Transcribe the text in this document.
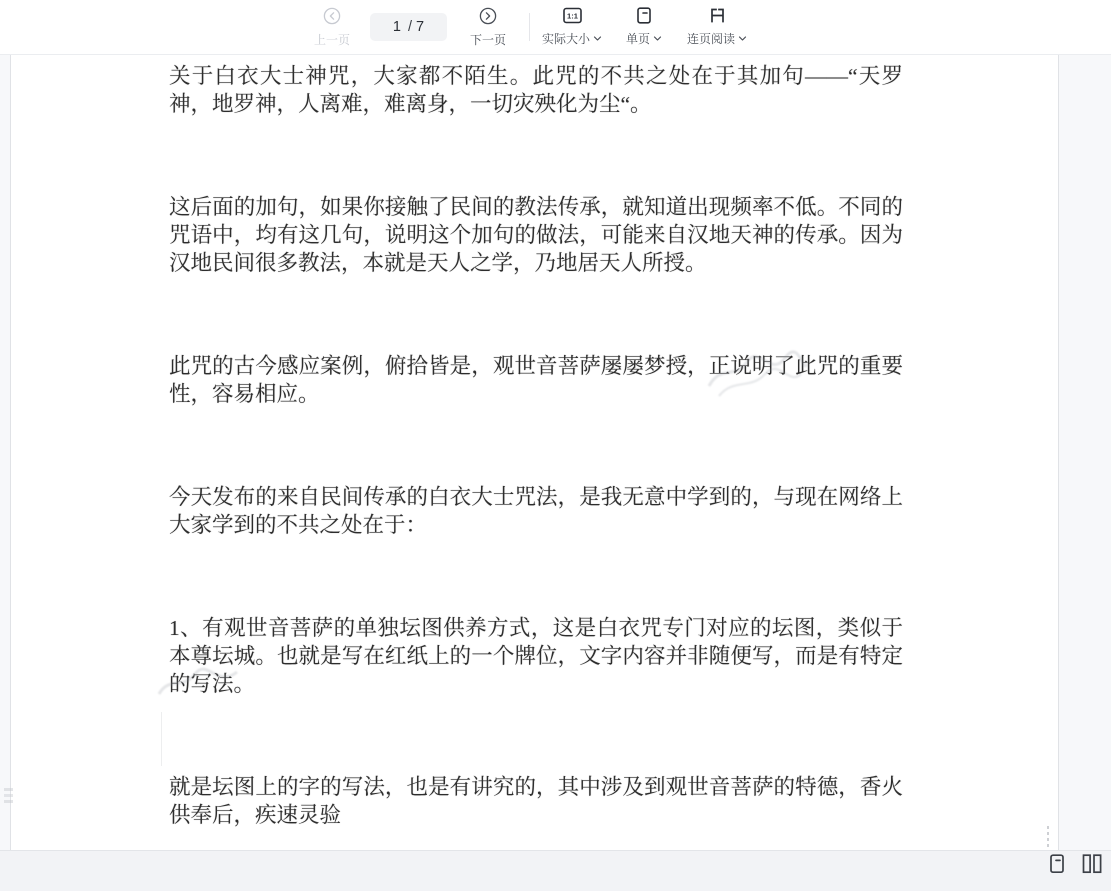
上一页
1 / 7
下一页
1:1
实际大小	单页	连页阅读

关于白衣大士神咒，大家都不陌生。此咒的不共之处在于其加句——“天罗神，地罗神，人离难，难离身，一切灾殃化为尘“。

这后面的加句，如果你接触了民间的教法传承，就知道出现频率不低。不同的咒语中，均有这几句，说明这个加句的做法，可能来自汉地天神的传承。因为汉地民间很多教法，本就是天人之学，乃地居天人所授。

此咒的古今感应案例，俯拾皆是，观世音菩萨屡屡梦授，正说明了此咒的重要性，容易相应。

今天发布的来自民间传承的白衣大士咒法，是我无意中学到的，与现在网络上大家学到的不共之处在于：

1、有观世音菩萨的单独坛图供养方式，这是白衣咒专门对应的坛图，类似于本尊坛城。也就是写在红纸上的一个牌位，文字内容并非随便写，而是有特定的写法。

就是坛图上的字的写法，也是有讲究的，其中涉及到观世音菩萨的特德，香火供奉后，疾速灵验
